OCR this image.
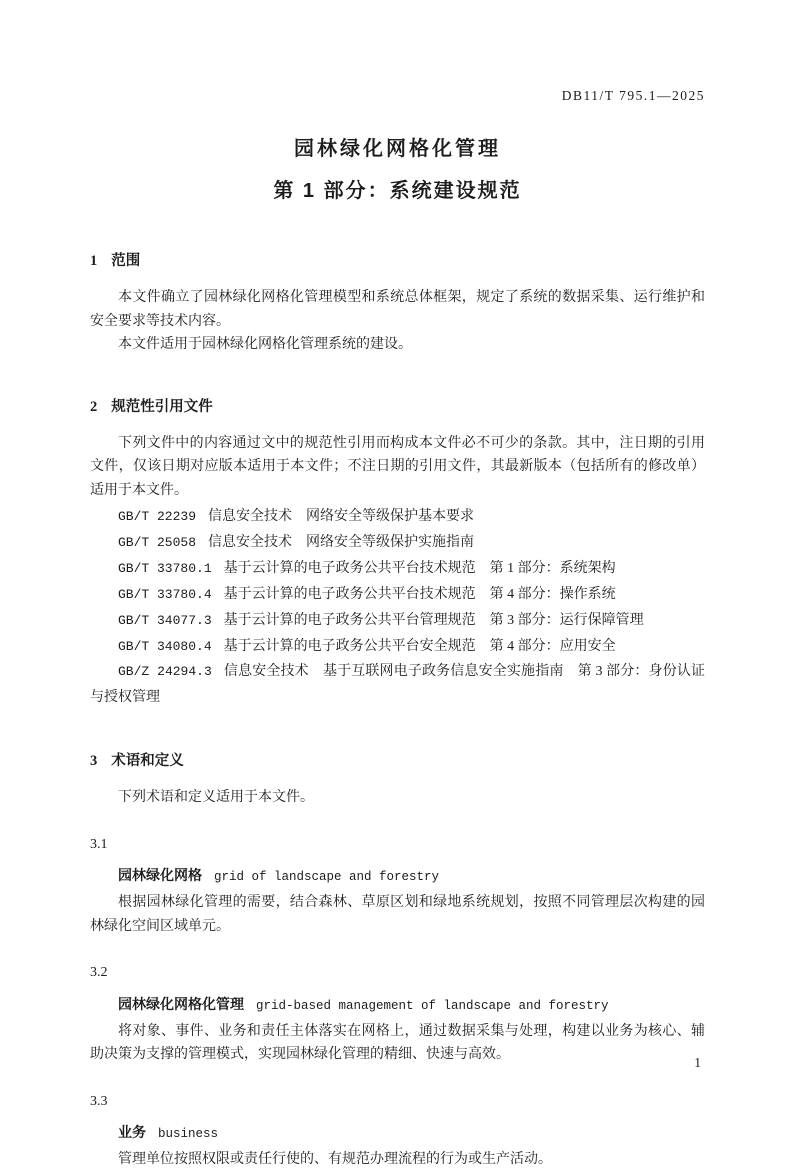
DB11/T 795.1—2025
园林绿化网格化管理
第 1 部分：系统建设规范
1 范围

本文件确立了园林绿化网格化管理模型和系统总体框架，规定了系统的数据采集、运行维护和安全要求等技术内容。

本文件适用于园林绿化网格化管理系统的建设。

2 规范性引用文件

下列文件中的内容通过文中的规范性引用而构成本文件必不可少的条款。其中，注日期的引用文件，仅该日期对应版本适用于本文件；不注日期的引用文件，其最新版本（包括所有的修改单）适用于本文件。

GB/T 22239 信息安全技术　网络安全等级保护基本要求

GB/T 25058 信息安全技术　网络安全等级保护实施指南

GB/T 33780.1 基于云计算的电子政务公共平台技术规范　第 1 部分：系统架构

GB/T 33780.4 基于云计算的电子政务公共平台技术规范　第 4 部分：操作系统

GB/T 34077.3 基于云计算的电子政务公共平台管理规范　第 3 部分：运行保障管理

GB/T 34080.4 基于云计算的电子政务公共平台安全规范　第 4 部分：应用安全

GB/Z 24294.3 信息安全技术　基于互联网电子政务信息安全实施指南　第 3 部分：身份认证与授权管理

3 术语和定义

下列术语和定义适用于本文件。

3.1
园林绿化网格 grid of landscape and forestry

根据园林绿化管理的需要，结合森林、草原区划和绿地系统规划，按照不同管理层次构建的园林绿化空间区域单元。

3.2
园林绿化网格化管理 grid-based management of landscape and forestry

将对象、事件、业务和责任主体落实在网格上，通过数据采集与处理，构建以业务为核心、辅助决策为支撑的管理模式，实现园林绿化管理的精细、快速与高效。

3.3
业务 business

管理单位按照权限或责任行使的、有规范办理流程的行为或生产活动。

1
